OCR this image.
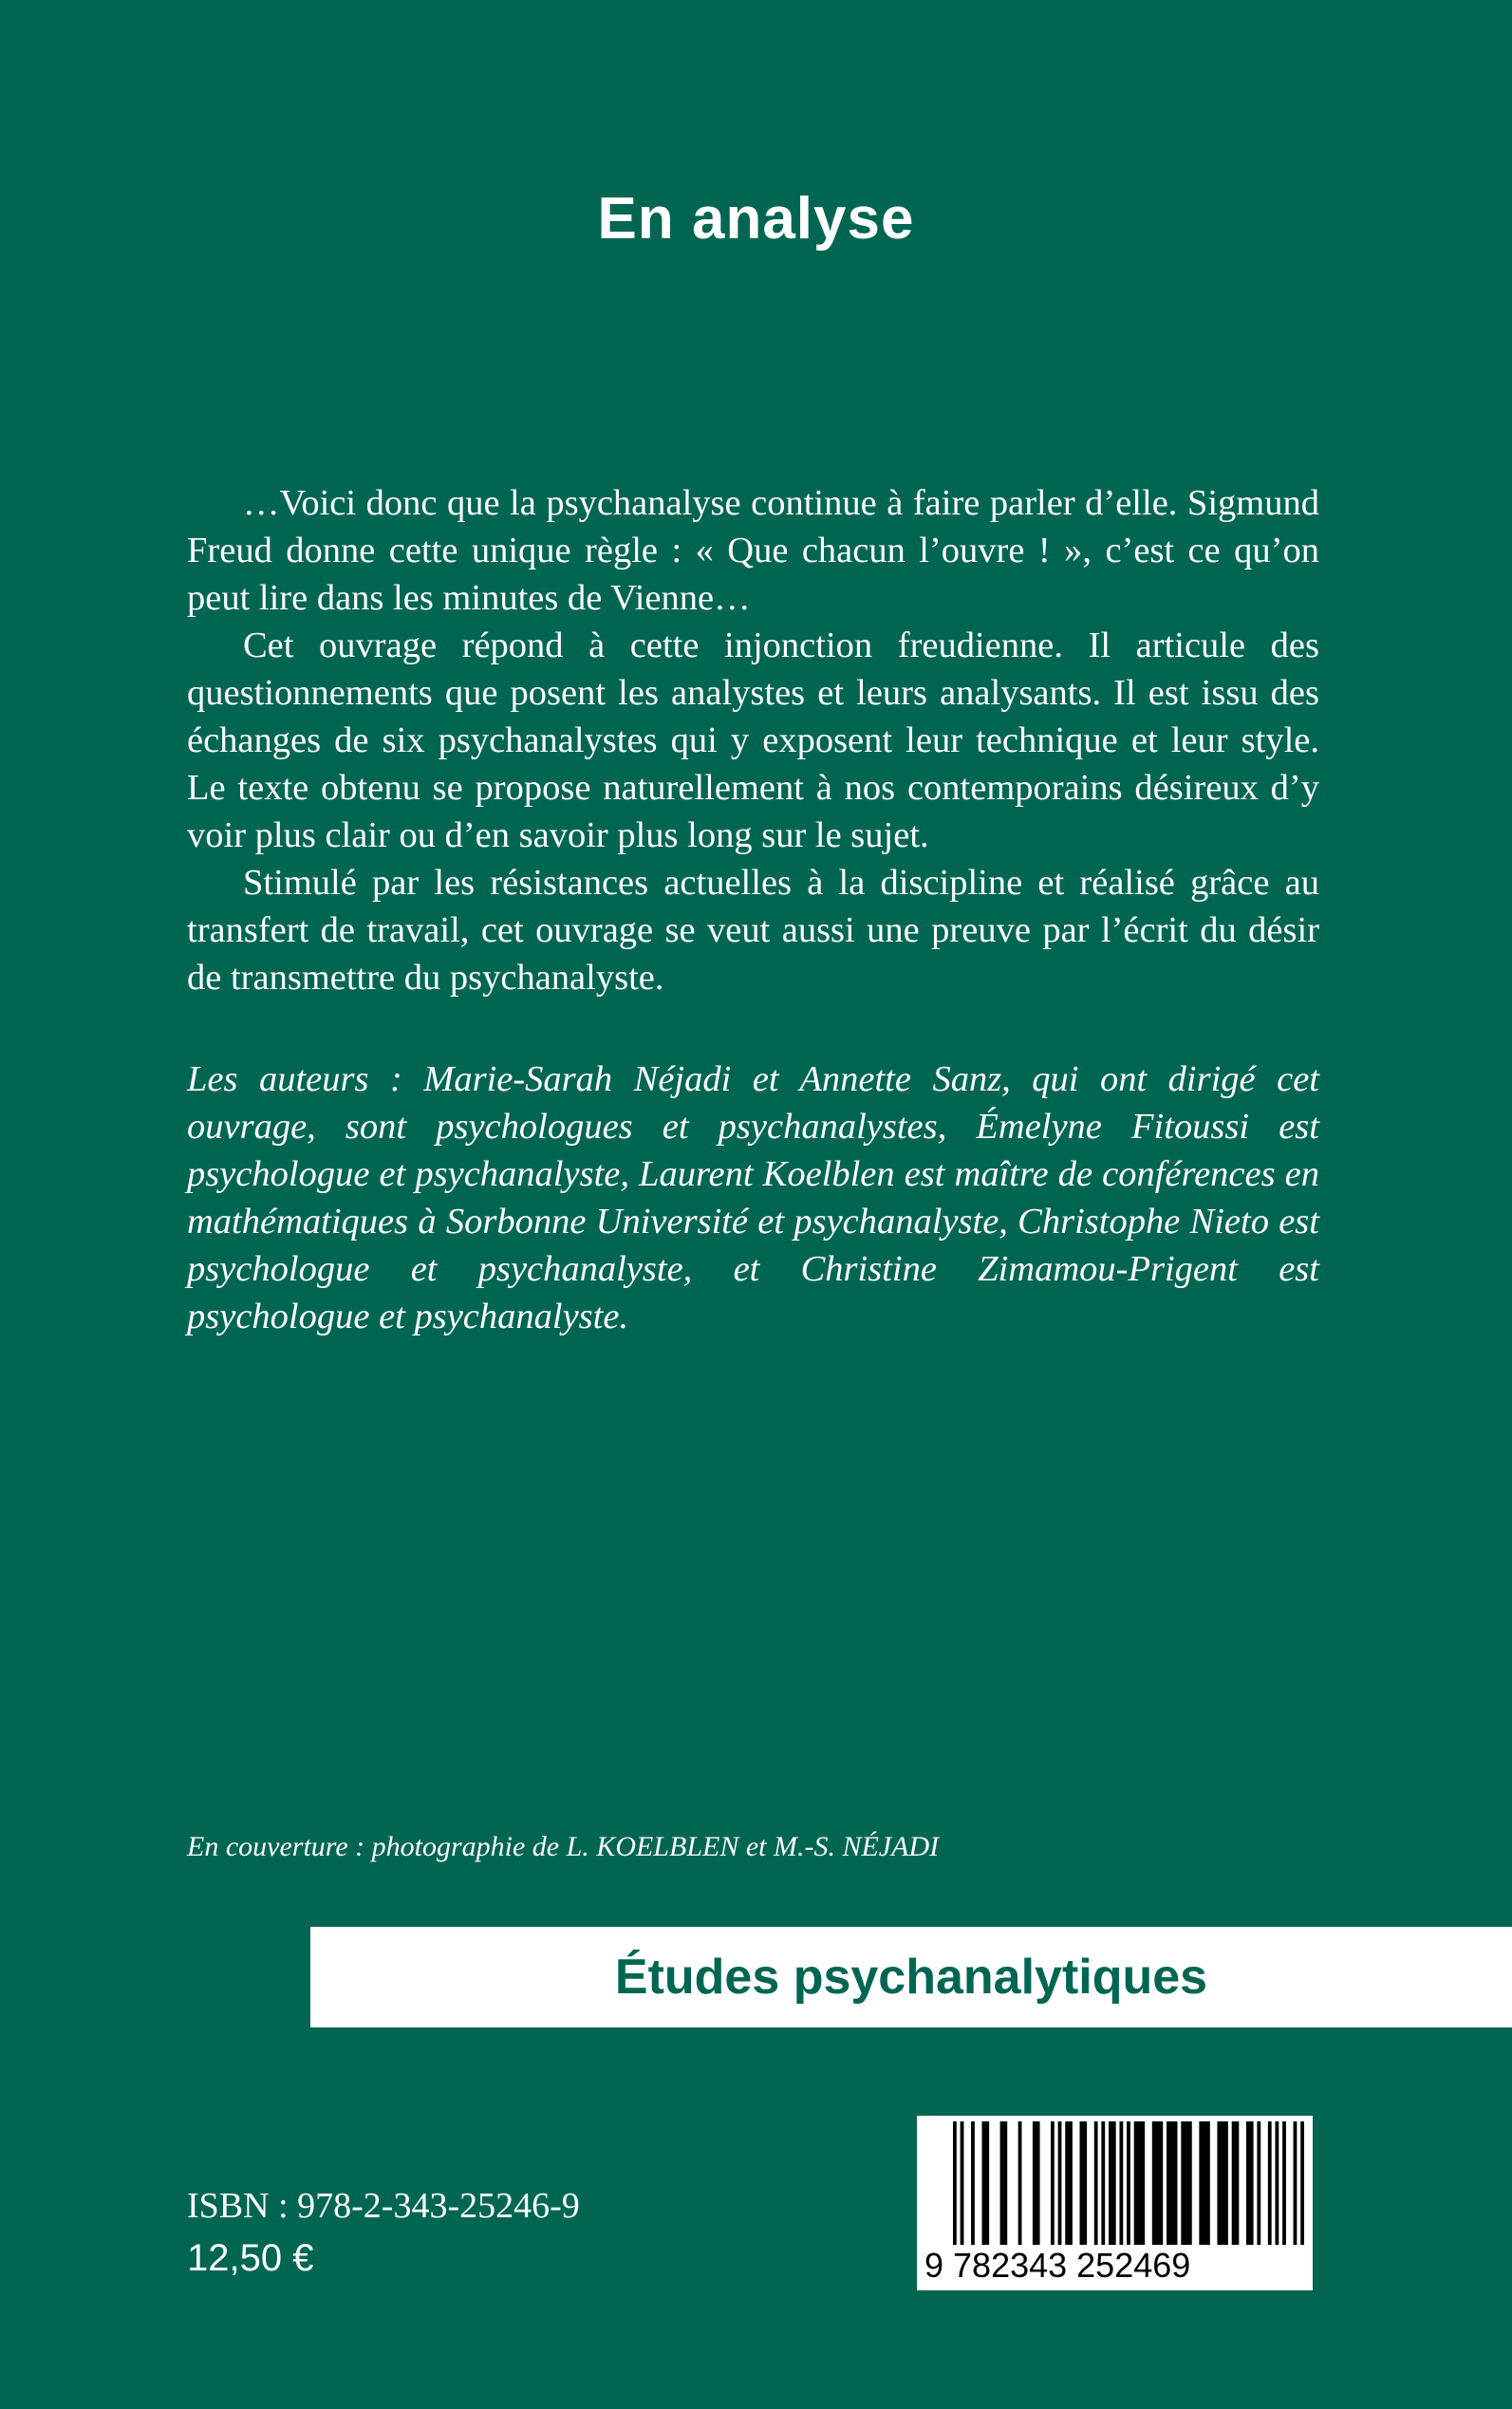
En analyse

…Voici donc que la psychanalyse continue à faire parler d’elle. Sigmund Freud donne cette unique règle : « Que chacun l’ouvre ! », c’est ce qu’on peut lire dans les minutes de Vienne…

Cet ouvrage répond à cette injonction freudienne. Il articule des questionnements que posent les analystes et leurs analysants. Il est issu des échanges de six psychanalystes qui y exposent leur technique et leur style. Le texte obtenu se propose naturellement à nos contemporains désireux d’y voir plus clair ou d’en savoir plus long sur le sujet.

Stimulé par les résistances actuelles à la discipline et réalisé grâce au transfert de travail, cet ouvrage se veut aussi une preuve par l’écrit du désir de transmettre du psychanalyste.

Les auteurs : Marie-Sarah Néjadi et Annette Sanz, qui ont dirigé cet ouvrage, sont psychologues et psychanalystes, Émelyne Fitoussi est psychologue et psychanalyste, Laurent Koelblen est maître de conférences en mathématiques à Sorbonne Université et psychanalyste, Christophe Nieto est psychologue et psychanalyste, et Christine Zimamou-Prigent est psychologue et psychanalyste.

En couverture : photographie de L. KOELBLEN et M.-S. NÉJADI

Études psychanalytiques

9 782343 252469

ISBN : 978-2-343-25246-9

12,50 €
